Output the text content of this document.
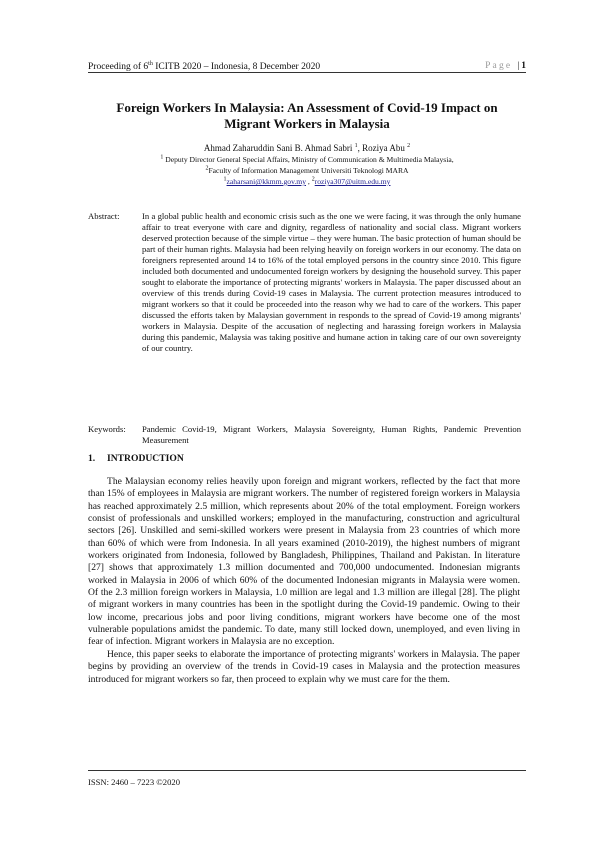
Proceeding of 6th ICITB 2020 – Indonesia, 8 December 2020	Page | 1
Foreign Workers In Malaysia: An Assessment of Covid-19 Impact on
Migrant Workers in Malaysia
Ahmad Zaharuddin Sani B. Ahmad Sabri $^1$, Roziya Abu $^2$
$^1$ Deputy Director General Special Affairs, Ministry of Communication & Multimedia Malaysia,
$^2$Faculty of Information Management Universiti Teknologi MARA
$^1$zaharsani@kkmm.gov.my , $^2$roziya307@uitm.edu.my
Abstract:	In a global public health and economic crisis such as the one we were facing, it was through the only humane affair to treat everyone with care and dignity, regardless of nationality and social class. Migrant workers deserved protection because of the simple virtue – they were human. The basic protection of human should be part of their human rights. Malaysia had been relying heavily on foreign workers in our economy. The data on foreigners represented around 14 to 16% of the total employed persons in the country since 2010. This figure included both documented and undocumented foreign workers by designing the household survey. This paper sought to elaborate the importance of protecting migrants' workers in Malaysia. The paper discussed about an overview of this trends during Covid-19 cases in Malaysia. The current protection measures introduced to migrant workers so that it could be proceeded into the reason why we had to care of the workers. This paper discussed the efforts taken by Malaysian government in responds to the spread of Covid-19 among migrants' workers in Malaysia. Despite of the accusation of neglecting and harassing foreign workers in Malaysia during this pandemic, Malaysia was taking positive and humane action in taking care of our own sovereignty of our country.
Keywords: Pandemic Covid-19, Migrant Workers, Malaysia Sovereignty, Human Rights, Pandemic Prevention Measurement
1. INTRODUCTION

The Malaysian economy relies heavily upon foreign and migrant workers, reflected by the fact that more than 15% of employees in Malaysia are migrant workers. The number of registered foreign workers in Malaysia has reached approximately 2.5 million, which represents about 20% of the total employment. Foreign workers consist of professionals and unskilled workers; employed in the manufacturing, construction and agricultural sectors [26]. Unskilled and semi-skilled workers were present in Malaysia from 23 countries of which more than 60% of which were from Indonesia. In all years examined (2010-2019), the highest numbers of migrant workers originated from Indonesia, followed by Bangladesh, Philippines, Thailand and Pakistan. In literature [27] shows that approximately 1.3 million documented and 700,000 undocumented. Indonesian migrants worked in Malaysia in 2006 of which 60% of the documented Indonesian migrants in Malaysia were women. Of the 2.3 million foreign workers in Malaysia, 1.0 million are legal and 1.3 million are illegal [28]. The plight of migrant workers in many countries has been in the spotlight during the Covid-19 pandemic. Owing to their low income, precarious jobs and poor living conditions, migrant workers have become one of the most vulnerable populations amidst the pandemic. To date, many still locked down, unemployed, and even living in fear of infection. Migrant workers in Malaysia are no exception.

Hence, this paper seeks to elaborate the importance of protecting migrants' workers in Malaysia. The paper begins by providing an overview of the trends in Covid-19 cases in Malaysia and the protection measures introduced for migrant workers so far, then proceed to explain why we must care for the them.

ISSN: 2460 – 7223 ©2020
